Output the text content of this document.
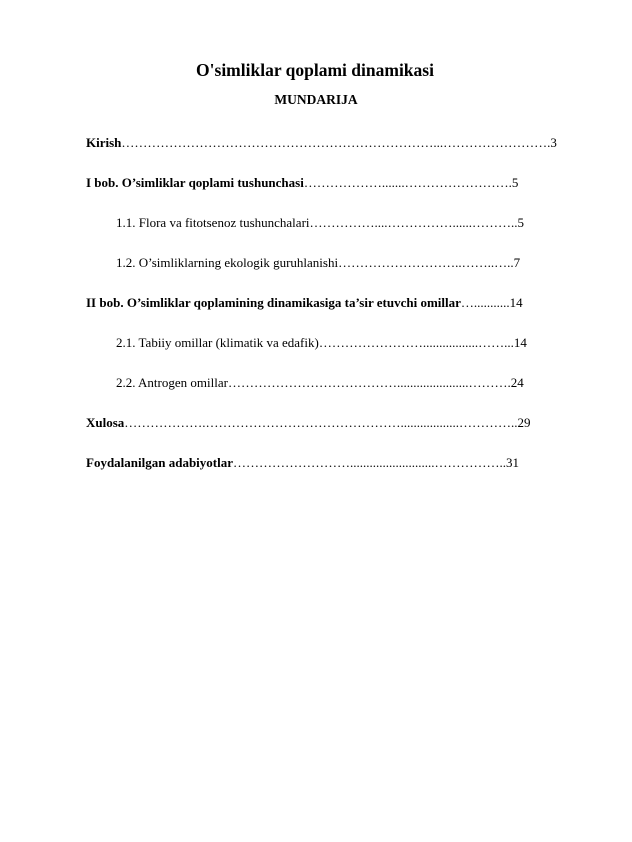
O'simliklar qoplami dinamikasi
MUNDARIJA
Kirish………………………………………………………………...…………………….3
I bob. O’simliklar qoplami tushunchasi……………….......…………………….5
1.1. Flora va fitotsenoz tushunchalari……………....……………......………..5
1.2. O’simliklarning ekologik guruhlanishi………………………..……..…..7
II bob. O’simliklar qoplamining dinamikasiga ta’sir etuvchi omillar…...........14
2.1. Tabiiy omillar (klimatik va edafik)…………………….................……...14
2.2. Antrogen omillar…………………………………......................……….24
Xulosa……………….………………………………………..................…………..29
Foydalanilgan adabiyotlar………………………..........................……………..31
